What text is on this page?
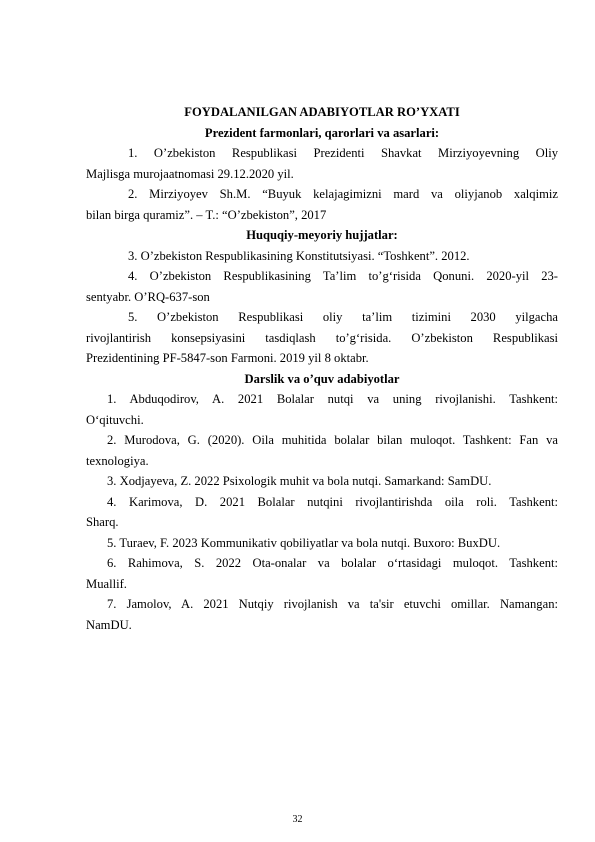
FOYDALANILGAN ADABIYOTLAR RO’YXATI
Prezident farmonlari, qarorlari va asarlari:
1. O’zbekiston Respublikasi Prezidenti Shavkat Mirziyoyevning Oliy
Majlisga murojaatnomasi 29.12.2020 yil.
2. Mirziyoyev Sh.M. “Buyuk kelajagimizni mard va oliyjanob xalqimiz
bilan birga quramiz”. – T.: “O’zbekiston”, 2017
Huquqiy-meyoriy hujjatlar:
3. O’zbekiston Respublikasining Konstitutsiyasi. “Toshkent”. 2012.
4. O’zbekiston Respublikasining Ta’lim to’g‘risida Qonuni. 2020-yil 23-
sentyabr. O’RQ-637-son
5. O’zbekiston Respublikasi oliy ta’lim tizimini 2030 yilgacha
rivojlantirish konsepsiyasini tasdiqlash to’g‘risida. O’zbekiston Respublikasi
Prezidentining PF-5847-son Farmoni. 2019 yil 8 oktabr.
Darslik va o’quv adabiyotlar
1. Abduqodirov, A. 2021 Bolalar nutqi va uning rivojlanishi. Tashkent:
O‘qituvchi.
2. Murodova, G. (2020). Oila muhitida bolalar bilan muloqot. Tashkent: Fan va
texnologiya.
3. Xodjayeva, Z. 2022 Psixologik muhit va bola nutqi. Samarkand: SamDU.
4. Karimova, D. 2021 Bolalar nutqini rivojlantirishda oila roli. Tashkent:
Sharq.
5. Turaev, F. 2023 Kommunikativ qobiliyatlar va bola nutqi. Buxoro: BuxDU.
6. Rahimova, S. 2022 Ota-onalar va bolalar o‘rtasidagi muloqot. Tashkent:
Muallif.
7. Jamolov, A. 2021 Nutqiy rivojlanish va ta'sir etuvchi omillar. Namangan:
NamDU.
32
